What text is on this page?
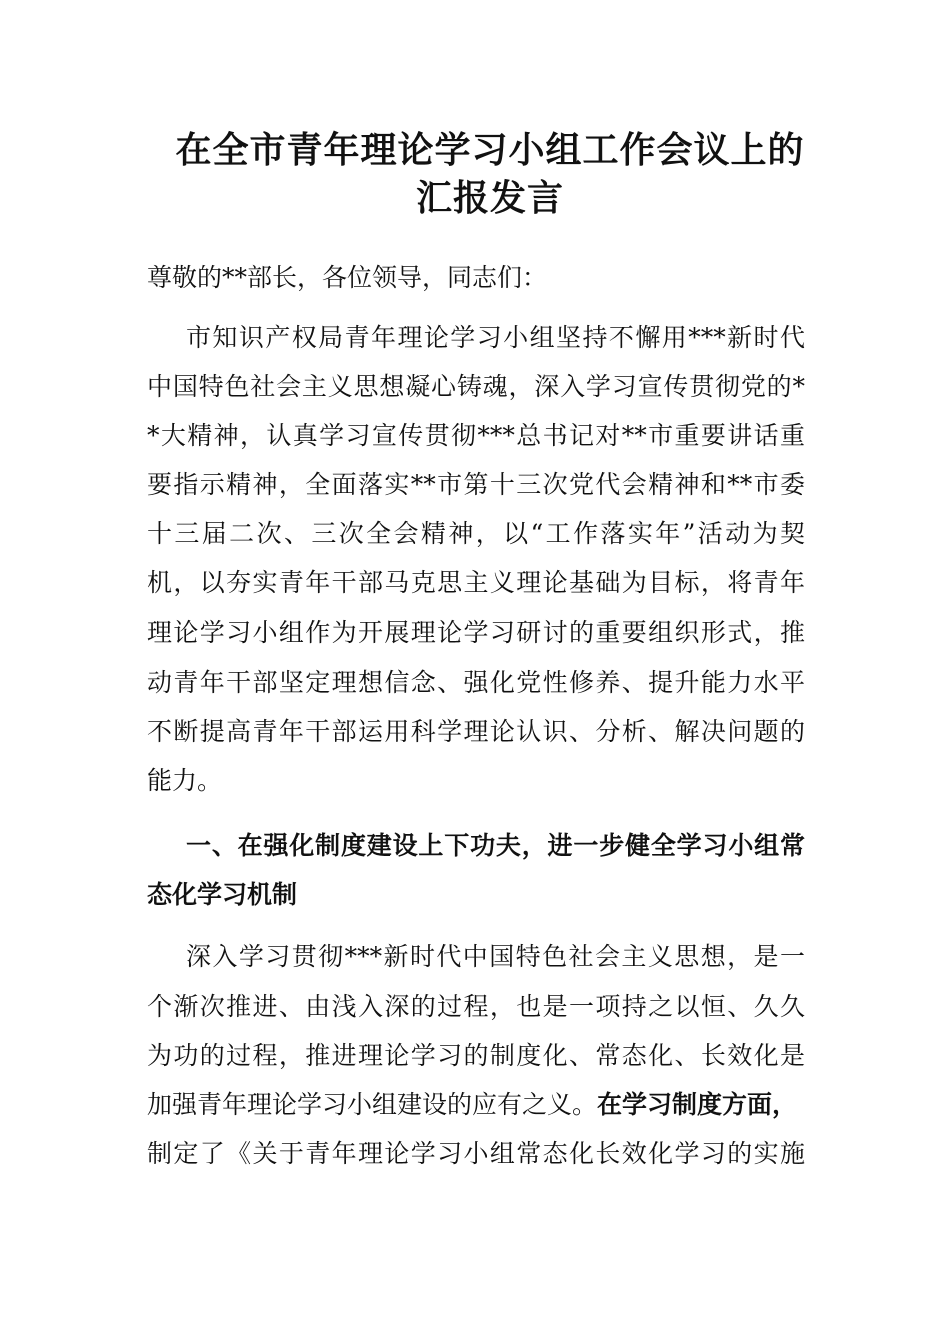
在全市青年理论学习小组工作会议上的
汇报发言
尊敬的**部长，各位领导，同志们：
市知识产权局青年理论学习小组坚持不懈用***新时代
中国特色社会主义思想凝心铸魂，深入学习宣传贯彻党的*
*大精神，认真学习宣传贯彻***总书记对**市重要讲话重
要指示精神，全面落实**市第十三次党代会精神和**市委
十三届二次、三次全会精神，以“工作落实年”活动为契
机，以夯实青年干部马克思主义理论基础为目标，将青年
理论学习小组作为开展理论学习研讨的重要组织形式，推
动青年干部坚定理想信念、强化党性修养、提升能力水平
不断提高青年干部运用科学理论认识、分析、解决问题的
能力。
一、在强化制度建设上下功夫，进一步健全学习小组常
态化学习机制
深入学习贯彻***新时代中国特色社会主义思想，是一
个渐次推进、由浅入深的过程，也是一项持之以恒、久久
为功的过程，推进理论学习的制度化、常态化、长效化是
加强青年理论学习小组建设的应有之义。在学习制度方面，
制定了《关于青年理论学习小组常态化长效化学习的实施
